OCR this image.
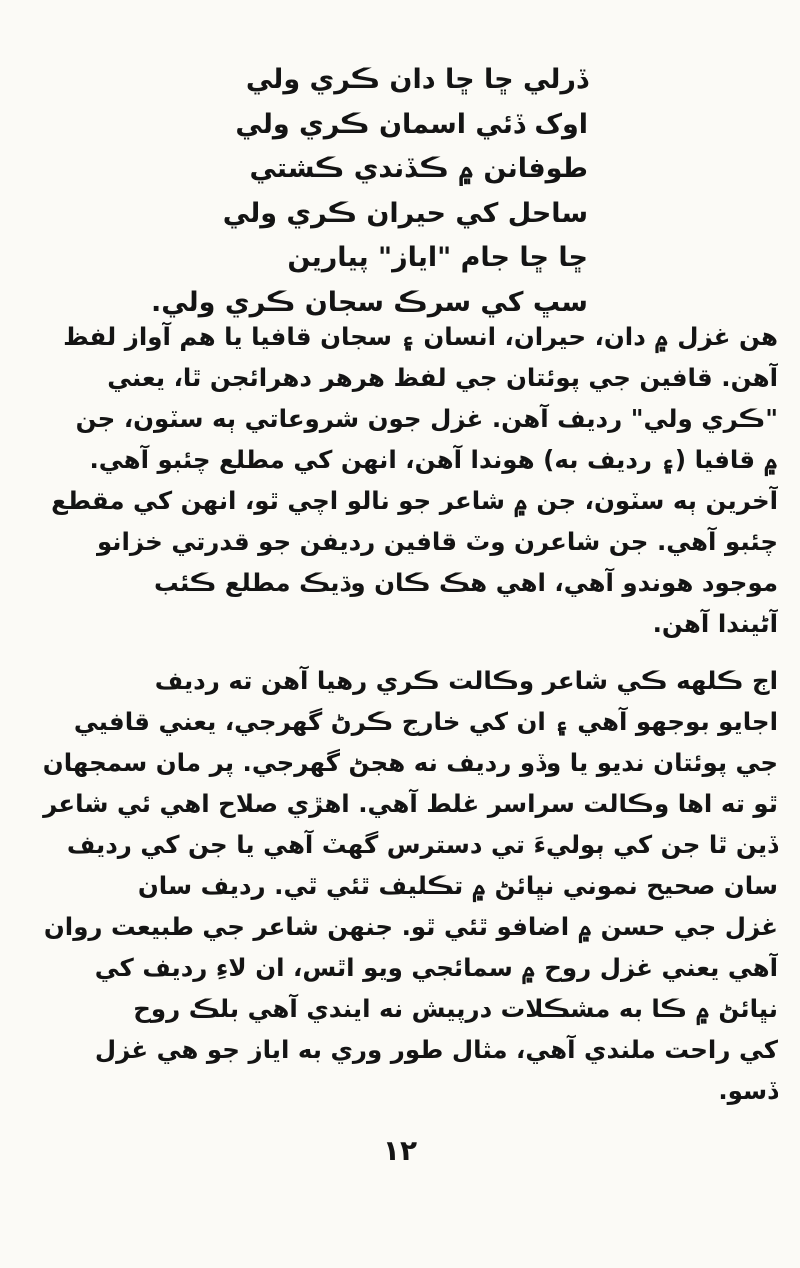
ڏرلي ڇا ڇا دان ڪري ولي
اوک ڏئي اسمان ڪري ولي
طوفانن ۾ ڪڏندي ڪشتي
ساحل کي حيران ڪري ولي
ڇا ڇا جام "اياز" پيارين
سڀ کي سرڪ سجان ڪري ولي.
هن غزل ۾ دان، حيران، انسان ۽ سجان قافيا يا هم آواز لفظ
آهن. قافين جي پوئتان جي لفظ هرهر دهرائجن ٿا، يعني
"ڪري ولي" رديف آهن. غزل جون شروعاتي ٻه سٽون، جن
۾ قافيا (۽ رديف به) هوندا آهن، انهن کي مطلع چئبو آهي.
آخرين ٻه سٽون، جن ۾ شاعر جو نالو اچي ٿو، انهن کي مقطع
چئبو آهي. جن شاعرن وٽ قافين رديفن جو قدرتي خزانو
موجود هوندو آهي، اهي هڪ ڪان وڌيڪ مطلع ڪئب
آڻيندا آهن.
اڄ ڪلهه ڪي شاعر وڪالت ڪري رهيا آهن ته رديف
اجايو بوجهو آهي ۽ ان کي خارج ڪرڻ گهرجي، يعني قافيي
جي پوئتان نديو يا وڏو رديف نه هجڻ گهرجي. پر مان سمجهان
ٿو ته اها وڪالت سراسر غلط آهي. اهڙي صلاح اهي ئي شاعر
ڏين ٿا جن کي ٻوليءَ تي دسترس گهٽ آهي يا جن کي رديف
سان صحيح نموني نڀائڻ ۾ تڪليف ٿئي ٿي. رديف سان
غزل جي حسن ۾ اضافو ٿئي ٿو. جنهن شاعر جي طبيعت روان
آهي يعني غزل روح ۾ سمائجي ويو اٿس، ان لاءِ رديف کي
نڀائڻ ۾ ڪا به مشڪلات درپيش نه ايندي آهي بلڪ روح
کي راحت ملندي آهي، مثال طور وري به اياز جو هي غزل
ڏسو.
١٢
